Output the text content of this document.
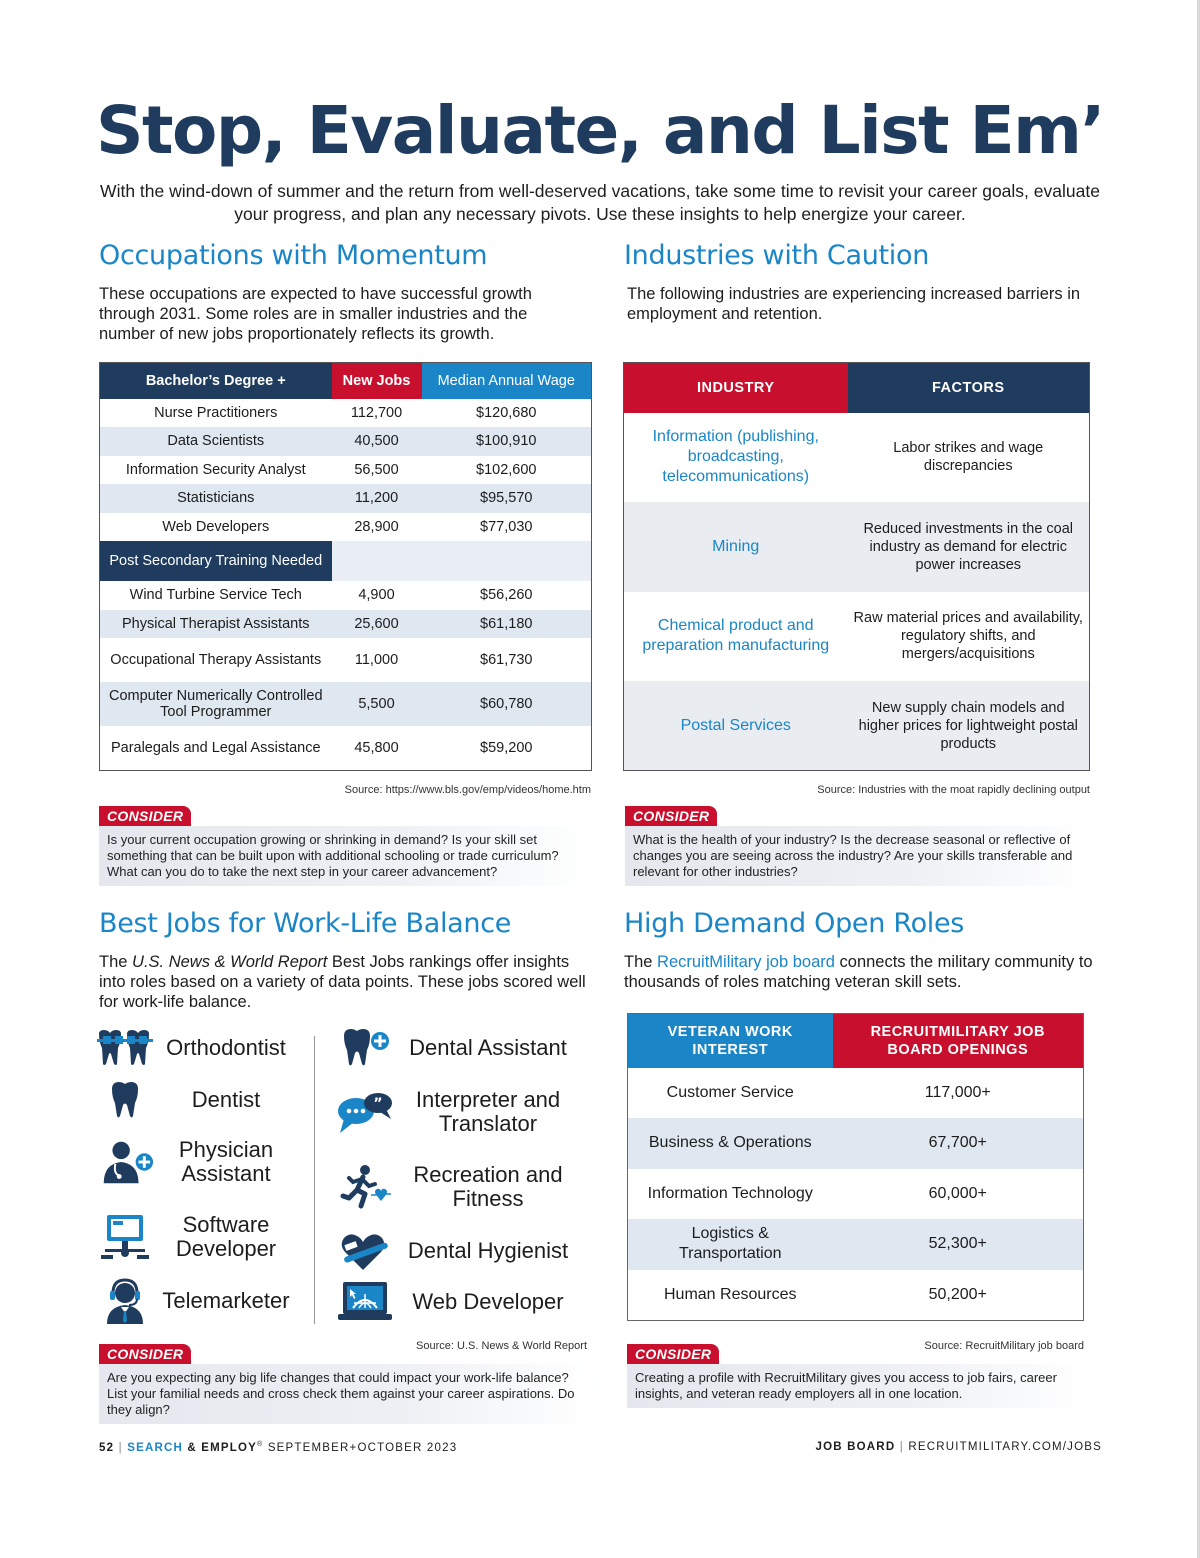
Stop, Evaluate, and List Em’
With the wind-down of summer and the return from well-deserved vacations, take some time to revisit your career goals, evaluate your progress, and plan any necessary pivots. Use these insights to help energize your career.
Occupations with Momentum
These occupations are expected to have successful growth through 2031. Some roles are in smaller industries and the number of new jobs proportionately reflects its growth.
Bachelor’s Degree +	New Jobs	Median Annual Wage
Nurse Practitioners	112,700	$120,680
Data Scientists	40,500	$100,910
Information Security Analyst	56,500	$102,600
Statisticians	11,200	$95,570
Web Developers	28,900	$77,030
Post Secondary Training Needed		
Wind Turbine Service Tech	4,900	$56,260
Physical Therapist Assistants	25,600	$61,180
Occupational Therapy Assistants	11,000	$61,730
Computer Numerically Controlled Tool Programmer	5,500	$60,780
Paralegals and Legal Assistance	45,800	$59,200
Source: https://www.bls.gov/emp/videos/home.htm
CONSIDER
Is your current occupation growing or shrinking in demand? Is your skill set something that can be built upon with additional schooling or trade curriculum? What can you do to take the next step in your career advancement?
Industries with Caution
The following industries are experiencing increased barriers in employment and retention.
INDUSTRY	FACTORS
Information (publishing, broadcasting, telecommunications)	Labor strikes and wage discrepancies
Mining	Reduced investments in the coal industry as demand for electric power increases
Chemical product and preparation manufacturing	Raw material prices and availability, regulatory shifts, and mergers/acquisitions
Postal Services	New supply chain models and higher prices for lightweight postal products
Source: Industries with the moat rapidly declining output
CONSIDER
What is the health of your industry? Is the decrease seasonal or reflective of changes you are seeing across the industry? Are your skills transferable and relevant for other industries?
Best Jobs for Work-Life Balance
The U.S. News & World Report Best Jobs rankings offer insights into roles based on a variety of data points. These jobs scored well for work-life balance.
Orthodontist
Dentist
Physician Assistant
Software Developer
Telemarketer
Dental Assistant
”	Interpreter and Translator
Recreation and Fitness
Dental Hygienist
Web Developer
Source: U.S. News & World Report
CONSIDER
Are you expecting any big life changes that could impact your work-life balance? List your familial needs and cross check them against your career aspirations. Do they align?
High Demand Open Roles
The RecruitMilitary job board connects the military community to thousands of roles matching veteran skill sets.
VETERAN WORK INTEREST	RECRUITMILITARY JOB BOARD OPENINGS

Customer Service	117,000+
Business & Operations	67,700+
Information Technology	60,000+

Logistics & Transportation	52,300+
Human Resources	50,200+
Source: RecruitMilitary job board
CONSIDER
Creating a profile with RecruitMilitary gives you access to job fairs, career insights, and veteran ready employers all in one location.
52 | SEARCH & EMPLOY® SEPTEMBER+OCTOBER 2023	JOB BOARD | RECRUITMILITARY.COM/JOBS
